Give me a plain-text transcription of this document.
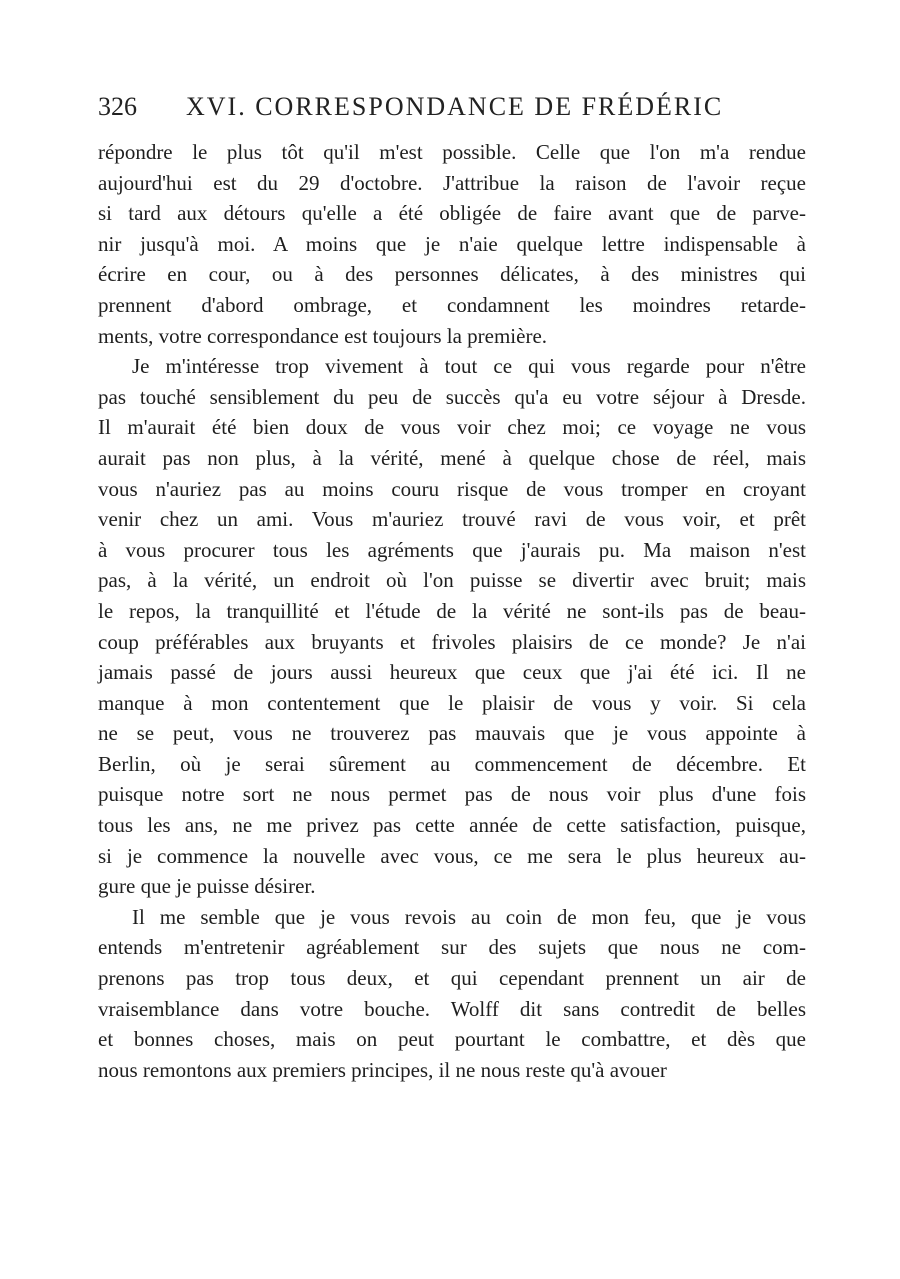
326 XVI. CORRESPONDANCE DE FRÉDÉRIC
répondre le plus tôt qu'il m'est possible. Celle que l'on m'a rendue
aujourd'hui est du 29 d'octobre. J'attribue la raison de l'avoir reçue
si tard aux détours qu'elle a été obligée de faire avant que de parve-
nir jusqu'à moi. A moins que je n'aie quelque lettre indispensable à
écrire en cour, ou à des personnes délicates, à des ministres qui
prennent d'abord ombrage, et condamnent les moindres retarde-
ments, votre correspondance est toujours la première.
Je m'intéresse trop vivement à tout ce qui vous regarde pour n'être
pas touché sensiblement du peu de succès qu'a eu votre séjour à Dresde.
Il m'aurait été bien doux de vous voir chez moi; ce voyage ne vous
aurait pas non plus, à la vérité, mené à quelque chose de réel, mais
vous n'auriez pas au moins couru risque de vous tromper en croyant
venir chez un ami. Vous m'auriez trouvé ravi de vous voir, et prêt
à vous procurer tous les agréments que j'aurais pu. Ma maison n'est
pas, à la vérité, un endroit où l'on puisse se divertir avec bruit; mais
le repos, la tranquillité et l'étude de la vérité ne sont-ils pas de beau-
coup préférables aux bruyants et frivoles plaisirs de ce monde? Je n'ai
jamais passé de jours aussi heureux que ceux que j'ai été ici. Il ne
manque à mon contentement que le plaisir de vous y voir. Si cela
ne se peut, vous ne trouverez pas mauvais que je vous appointe à
Berlin, où je serai sûrement au commencement de décembre. Et
puisque notre sort ne nous permet pas de nous voir plus d'une fois
tous les ans, ne me privez pas cette année de cette satisfaction, puisque,
si je commence la nouvelle avec vous, ce me sera le plus heureux au-
gure que je puisse désirer.
Il me semble que je vous revois au coin de mon feu, que je vous
entends m'entretenir agréablement sur des sujets que nous ne com-
prenons pas trop tous deux, et qui cependant prennent un air de
vraisemblance dans votre bouche. Wolff dit sans contredit de belles
et bonnes choses, mais on peut pourtant le combattre, et dès que
nous remontons aux premiers principes, il ne nous reste qu'à avouer
